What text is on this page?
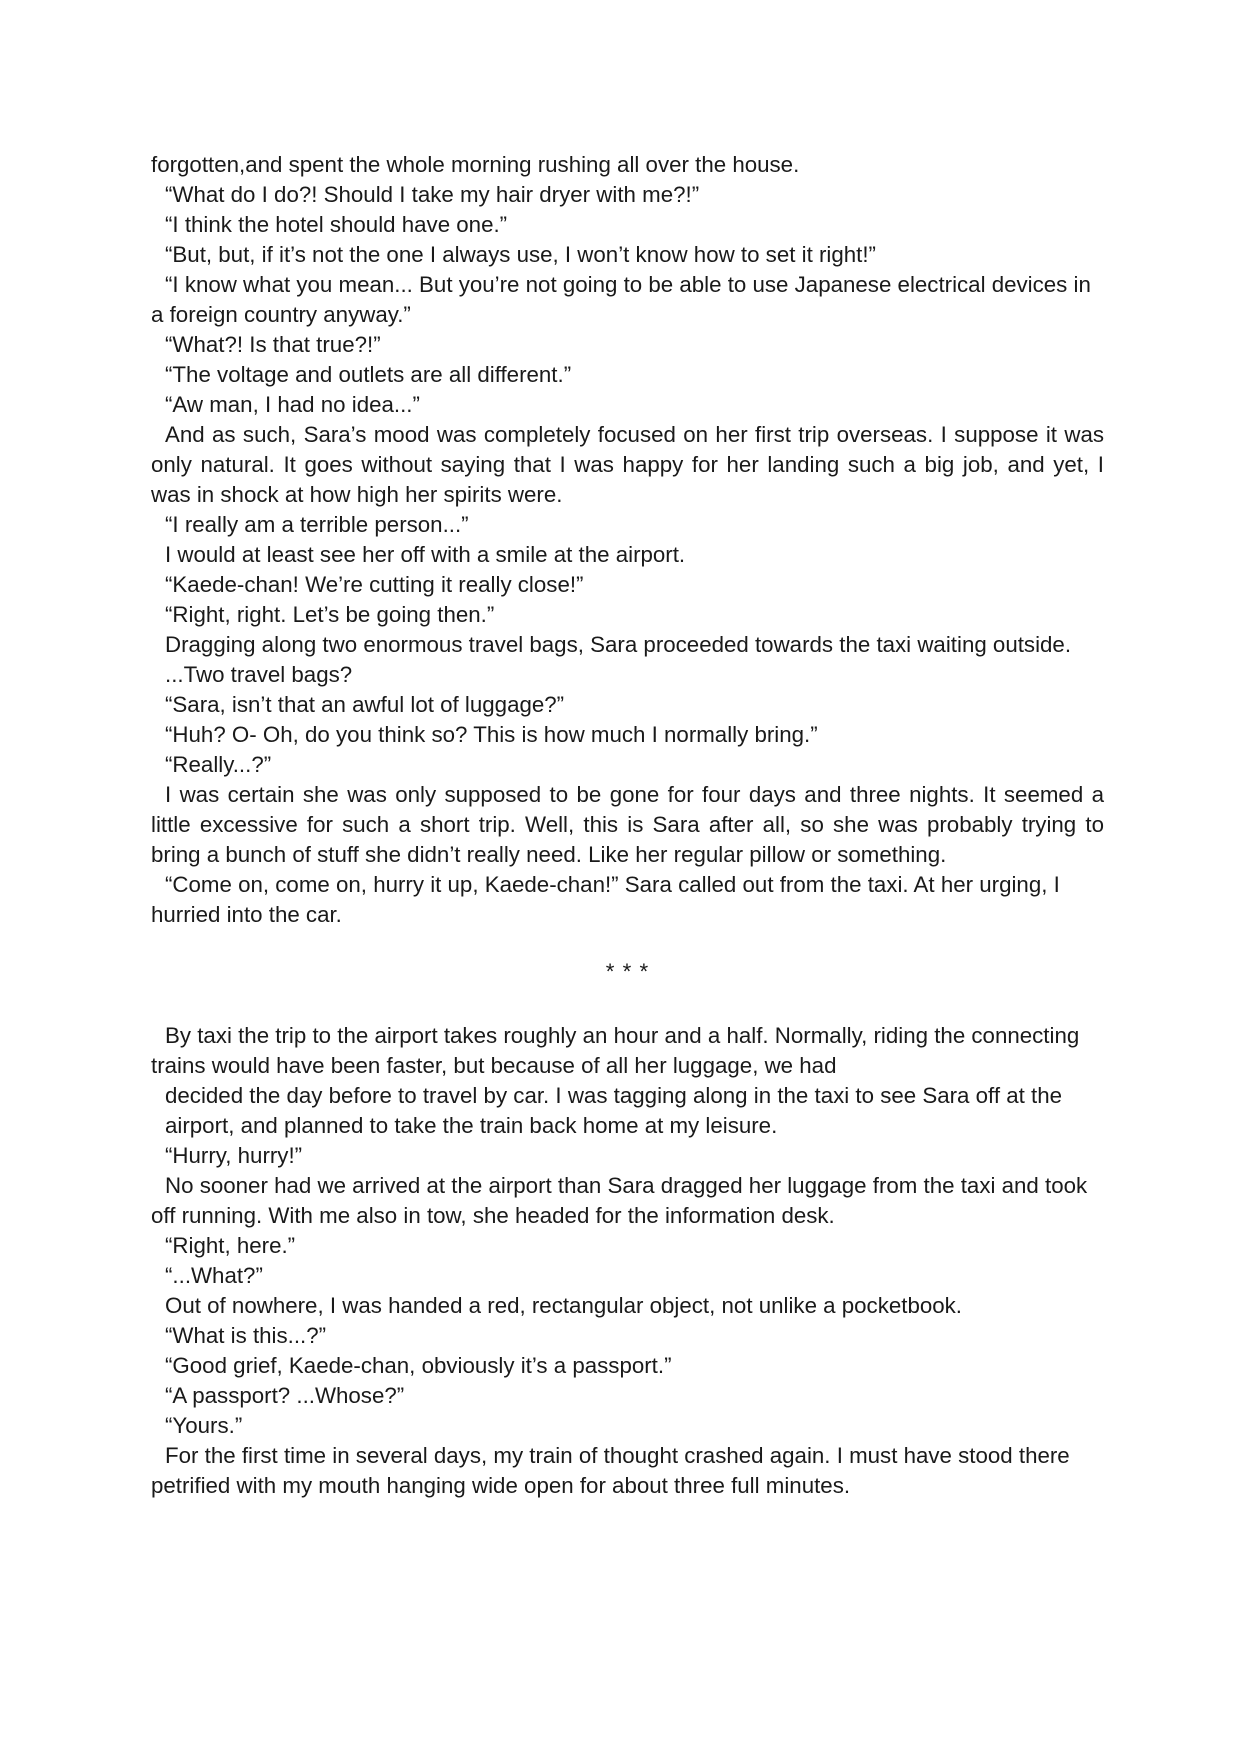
forgotten,and spent the whole morning rushing all over the house.

“What do I do?! Should I take my hair dryer with me?!”

“I think the hotel should have one.”

“But, but, if it’s not the one I always use, I won’t know how to set it right!”

“I know what you mean... But you’re not going to be able to use Japanese electrical devices in a foreign country anyway.”

“What?! Is that true?!”

“The voltage and outlets are all different.”

“Aw man, I had no idea...”

And as such, Sara’s mood was completely focused on her first trip overseas. I suppose it was only natural. It goes without saying that I was happy for her landing such a big job, and yet, I was in shock at how high her spirits were.

“I really am a terrible person...”

I would at least see her off with a smile at the airport.

“Kaede-chan! We’re cutting it really close!”

“Right, right. Let’s be going then.”

Dragging along two enormous travel bags, Sara proceeded towards the taxi waiting outside.

...Two travel bags?

“Sara, isn’t that an awful lot of luggage?”

“Huh? O- Oh, do you think so? This is how much I normally bring.”

“Really...?”

I was certain she was only supposed to be gone for four days and three nights. It seemed a little excessive for such a short trip. Well, this is Sara after all, so she was probably trying to bring a bunch of stuff she didn’t really need. Like her regular pillow or something.

“Come on, come on, hurry it up, Kaede-chan!” Sara called out from the taxi. At her urging, I hurried into the car.

* * *

By taxi the trip to the airport takes roughly an hour and a half. Normally, riding the connecting trains would have been faster, but because of all her luggage, we had
decided the day before to travel by car. I was tagging along in the taxi to see Sara off at the airport, and planned to take the train back home at my leisure.

“Hurry, hurry!”

No sooner had we arrived at the airport than Sara dragged her luggage from the taxi and took off running. With me also in tow, she headed for the information desk.

“Right, here.”

“...What?”

Out of nowhere, I was handed a red, rectangular object, not unlike a pocketbook.

“What is this...?”

“Good grief, Kaede-chan, obviously it’s a passport.”

“A passport? ...Whose?”

“Yours.”

For the first time in several days, my train of thought crashed again. I must have stood there petrified with my mouth hanging wide open for about three full minutes.
